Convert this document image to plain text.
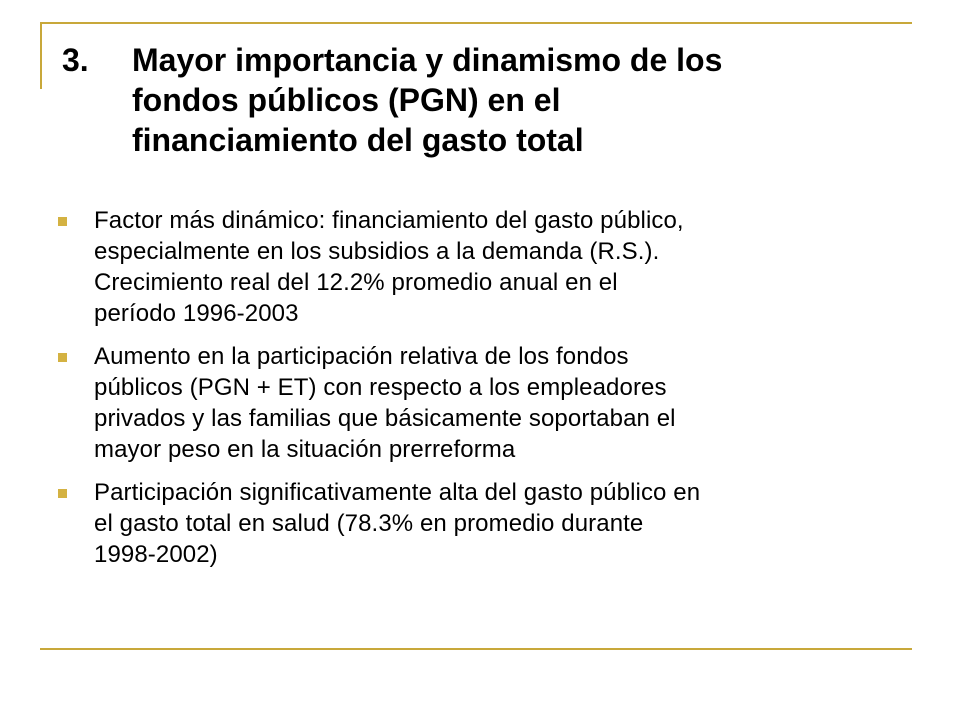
3. Mayor importancia y dinamismo de los
fondos públicos (PGN) en el
financiamiento del gasto total
Factor más dinámico: financiamiento del gasto público,
especialmente en los subsidios a la demanda (R.S.).
Crecimiento real del 12.2% promedio anual en el
período 1996-2003
Aumento en la participación relativa de los fondos
públicos (PGN + ET) con respecto a los empleadores
privados y las familias que básicamente soportaban el
mayor peso en la situación prerreforma
Participación significativamente alta del gasto público en
el gasto total en salud (78.3% en promedio durante
1998-2002)
